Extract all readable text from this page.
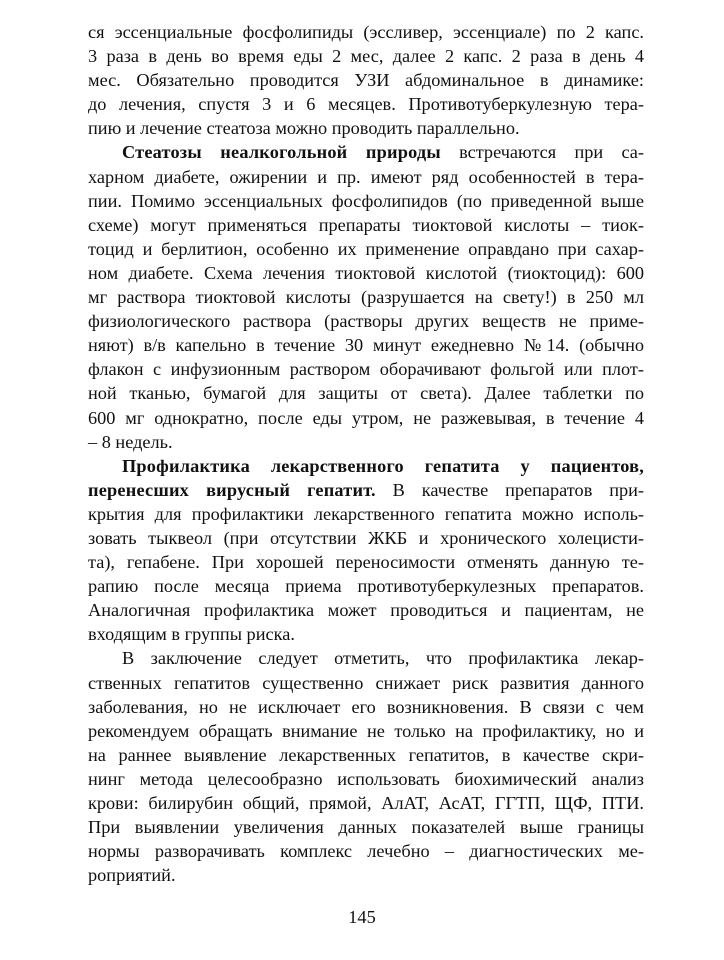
ся эссенциальные фосфолипиды (эссливер, эссенциале) по 2 капс.
3 раза в день во время еды 2 мес, далее 2 капс. 2 раза в день 4
мес. Обязательно проводится УЗИ абдоминальное в динамике:
до лечения, спустя 3 и 6 месяцев. Противотуберкулезную тера-
пию и лечение стеатоза можно проводить параллельно.
Стеатозы неалкогольной природы встречаются при са-
харном диабете, ожирении и пр. имеют ряд особенностей в тера-
пии. Помимо эссенциальных фосфолипидов (по приведенной выше
схеме) могут применяться препараты тиоктовой кислоты – тиок-
тоцид и берлитион, особенно их применение оправдано при сахар-
ном диабете. Схема лечения тиоктовой кислотой (тиоктоцид): 600
мг раствора тиоктовой кислоты (разрушается на свету!) в 250 мл
физиологического раствора (растворы других веществ не приме-
няют) в/в капельно в течение 30 минут ежедневно №14. (обычно
флакон с инфузионным раствором оборачивают фольгой или плот-
ной тканью, бумагой для защиты от света). Далее таблетки по
600 мг однократно, после еды утром, не разжевывая, в течение 4
– 8 недель.
Профилактика лекарственного гепатита у пациентов,
перенесших вирусный гепатит. В качестве препаратов при-
крытия для профилактики лекарственного гепатита можно исполь-
зовать тыквеол (при отсутствии ЖКБ и хронического холецисти-
та), гепабене. При хорошей переносимости отменять данную те-
рапию после месяца приема противотуберкулезных препаратов.
Аналогичная профилактика может проводиться и пациентам, не
входящим в группы риска.
В заключение следует отметить, что профилактика лекар-
ственных гепатитов существенно снижает риск развития данного
заболевания, но не исключает его возникновения. В связи с чем
рекомендуем обращать внимание не только на профилактику, но и
на раннее выявление лекарственных гепатитов, в качестве скри-
нинг метода целесообразно использовать биохимический анализ
крови: билирубин общий, прямой, АлАТ, АсАТ, ГГТП, ЩФ, ПТИ.
При выявлении увеличения данных показателей выше границы
нормы разворачивать комплекс лечебно – диагностических ме-
роприятий.
145
